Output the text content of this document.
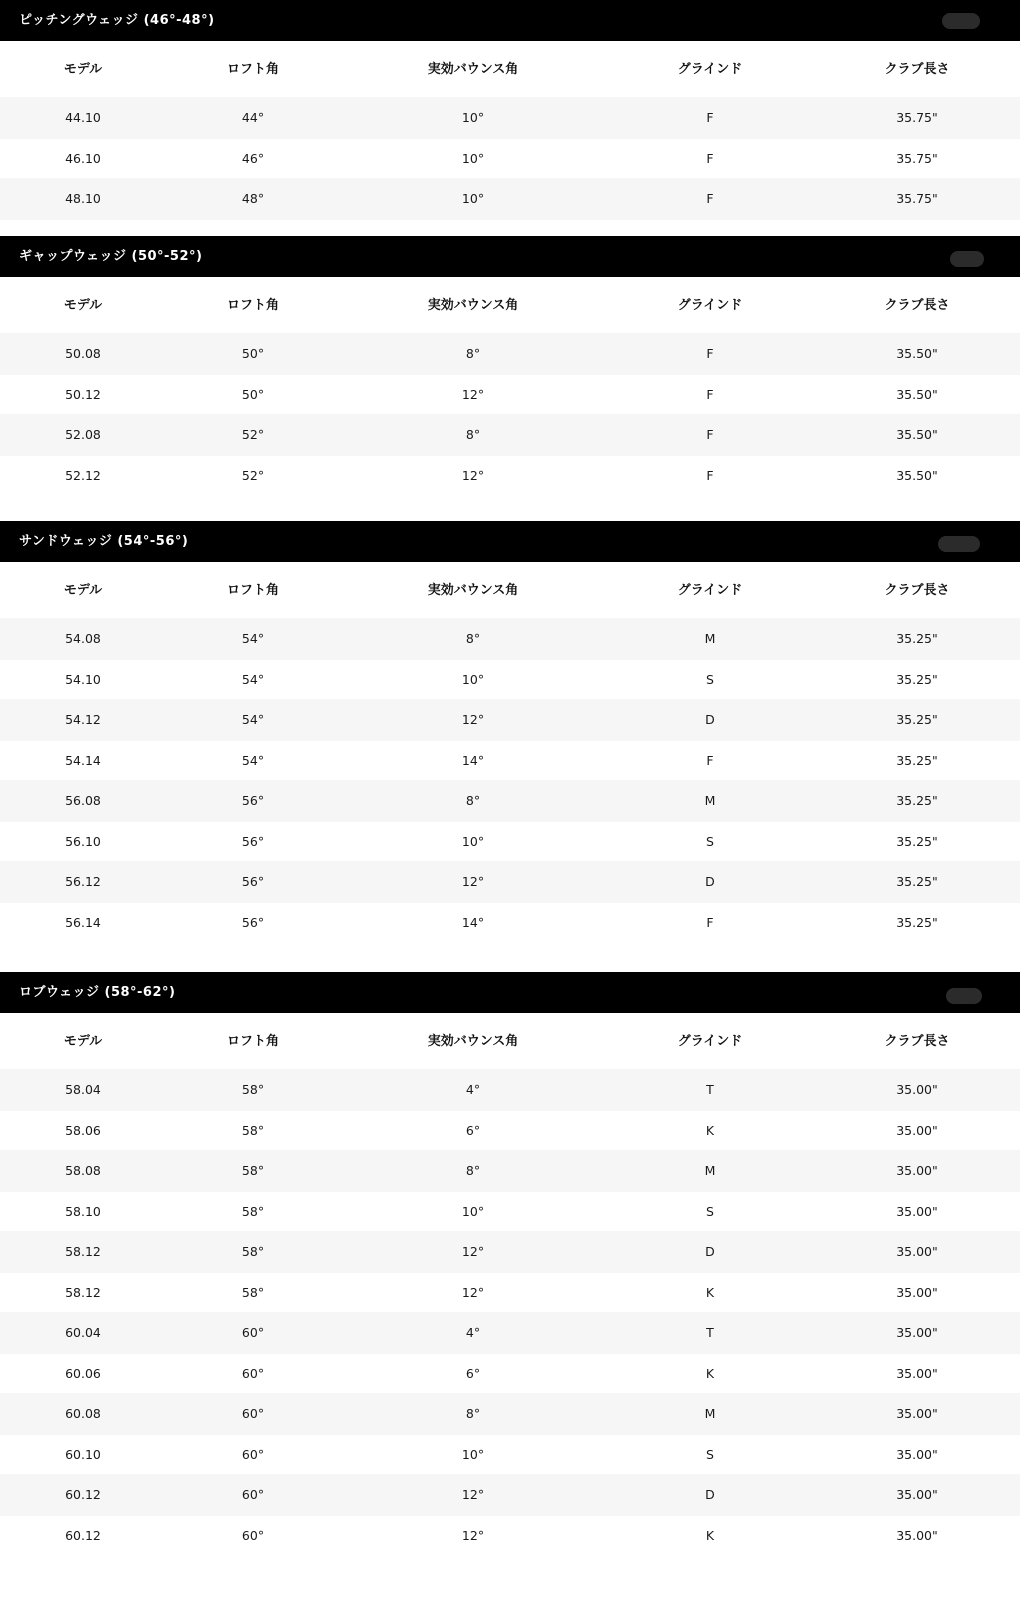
ピッチングウェッジ (46°-48°)
モデル	ロフト角	実効バウンス角	グラインド	クラブ長さ
44.10	44°	10°	F	35.75"
46.10	46°	10°	F	35.75"
48.10	48°	10°	F	35.75"
ギャップウェッジ (50°-52°)
モデル	ロフト角	実効バウンス角	グラインド	クラブ長さ
50.08	50°	8°	F	35.50"
50.12	50°	12°	F	35.50"
52.08	52°	8°	F	35.50"
52.12	52°	12°	F	35.50"
サンドウェッジ (54°-56°)
モデル	ロフト角	実効バウンス角	グラインド	クラブ長さ
54.08	54°	8°	M	35.25"
54.10	54°	10°	S	35.25"
54.12	54°	12°	D	35.25"
54.14	54°	14°	F	35.25"
56.08	56°	8°	M	35.25"
56.10	56°	10°	S	35.25"
56.12	56°	12°	D	35.25"
56.14	56°	14°	F	35.25"
ロブウェッジ (58°-62°)
モデル	ロフト角	実効バウンス角	グラインド	クラブ長さ
58.04	58°	4°	T	35.00"
58.06	58°	6°	K	35.00"
58.08	58°	8°	M	35.00"
58.10	58°	10°	S	35.00"
58.12	58°	12°	D	35.00"
58.12	58°	12°	K	35.00"
60.04	60°	4°	T	35.00"
60.06	60°	6°	K	35.00"
60.08	60°	8°	M	35.00"
60.10	60°	10°	S	35.00"
60.12	60°	12°	D	35.00"
60.12	60°	12°	K	35.00"
